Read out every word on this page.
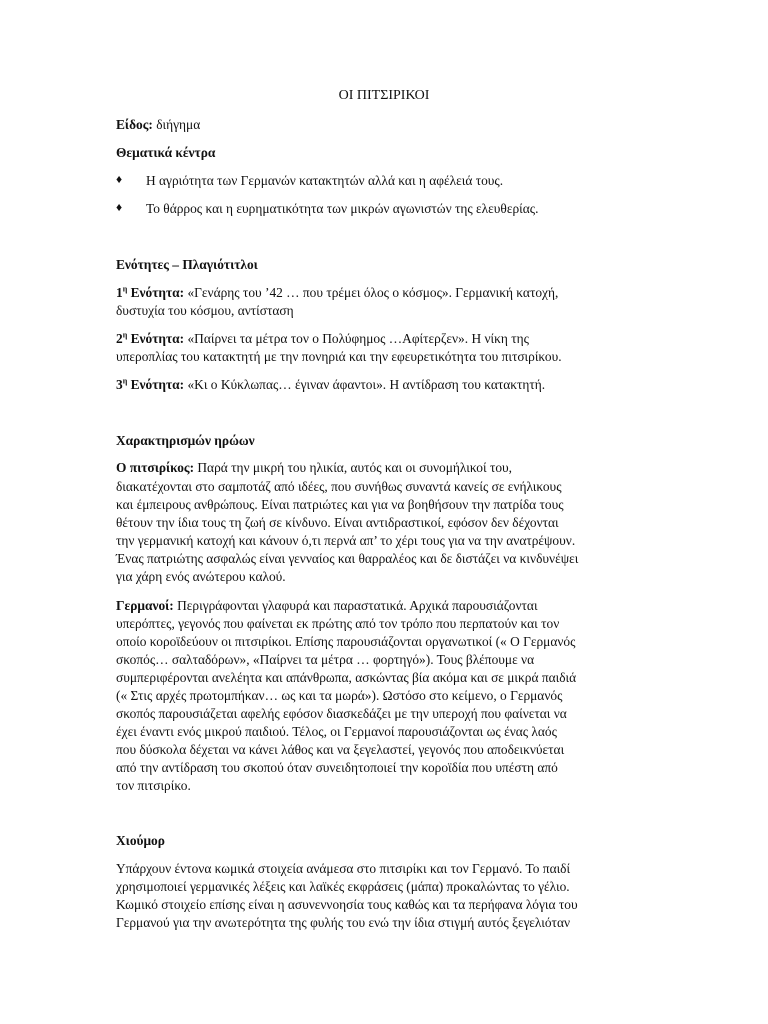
ΟΙ ΠΙΤΣΙΡΙΚΟΙ
Είδος: διήγημα
Θεματικά κέντρα
♦ Η αγριότητα των Γερμανών κατακτητών αλλά και η αφέλειά τους.
♦ Το θάρρος και η ευρηματικότητα των μικρών αγωνιστών της ελευθερίας.
Ενότητες – Πλαγιότιτλοι
$1^\eta$ Ενότητα: «Γενάρης του ’42 … που τρέμει όλος ο κόσμος». Γερμανική κατοχή,
δυστυχία του κόσμου, αντίσταση
$2^\eta$ Ενότητα: «Παίρνει τα μέτρα τον ο Πολύφημος …Αφίτερζεν». Η νίκη της
υπεροπλίας του κατακτητή με την πονηριά και την εφευρετικότητα του πιτσιρίκου.
$3^\eta$ Ενότητα: «Κι ο Κύκλωπας… έγιναν άφαντοι». Η αντίδραση του κατακτητή.
Χαρακτηρισμών ηρώων
Ο πιτσιρίκος: Παρά την μικρή του ηλικία, αυτός και οι συνομήλικοί του,
διακατέχονται στο σαμποτάζ από ιδέες, που συνήθως συναντά κανείς σε ενήλικους
και έμπειρους ανθρώπους. Είναι πατριώτες και για να βοηθήσουν την πατρίδα τους
θέτουν την ίδια τους τη ζωή σε κίνδυνο. Είναι αντιδραστικοί, εφόσον δεν δέχονται
την γερμανική κατοχή και κάνουν ό,τι περνά απ’ το χέρι τους για να την ανατρέψουν.
Ένας πατριώτης ασφαλώς είναι γενναίος και θαρραλέος και δε διστάζει να κινδυνέψει
για χάρη ενός ανώτερου καλού.
Γερμανοί: Περιγράφονται γλαφυρά και παραστατικά. Αρχικά παρουσιάζονται
υπερόπτες, γεγονός που φαίνεται εκ πρώτης από τον τρόπο που περπατούν και τον
οποίο κοροϊδεύουν οι πιτσιρίκοι. Επίσης παρουσιάζονται οργανωτικοί (« Ο Γερμανός
σκοπός… σαλταδόρων», «Παίρνει τα μέτρα … φορτηγό»). Τους βλέπουμε να
συμπεριφέρονται ανελέητα και απάνθρωπα, ασκώντας βία ακόμα και σε μικρά παιδιά
(« Στις αρχές πρωτομπήκαν… ως και τα μωρά»). Ωστόσο στο κείμενο, ο Γερμανός
σκοπός παρουσιάζεται αφελής εφόσον διασκεδάζει με την υπεροχή που φαίνεται να
έχει έναντι ενός μικρού παιδιού. Τέλος, οι Γερμανοί παρουσιάζονται ως ένας λαός
που δύσκολα δέχεται να κάνει λάθος και να ξεγελαστεί, γεγονός που αποδεικνύεται
από την αντίδραση του σκοπού όταν συνειδητοποιεί την κοροϊδία που υπέστη από
τον πιτσιρίκο.
Χιούμορ
Υπάρχουν έντονα κωμικά στοιχεία ανάμεσα στο πιτσιρίκι και τον Γερμανό. Το παιδί
χρησιμοποιεί γερμανικές λέξεις και λαϊκές εκφράσεις (μάπα) προκαλώντας το γέλιο.
Κωμικό στοιχείο επίσης είναι η ασυνεννοησία τους καθώς και τα περήφανα λόγια του
Γερμανού για την ανωτερότητα της φυλής του ενώ την ίδια στιγμή αυτός ξεγελιόταν
